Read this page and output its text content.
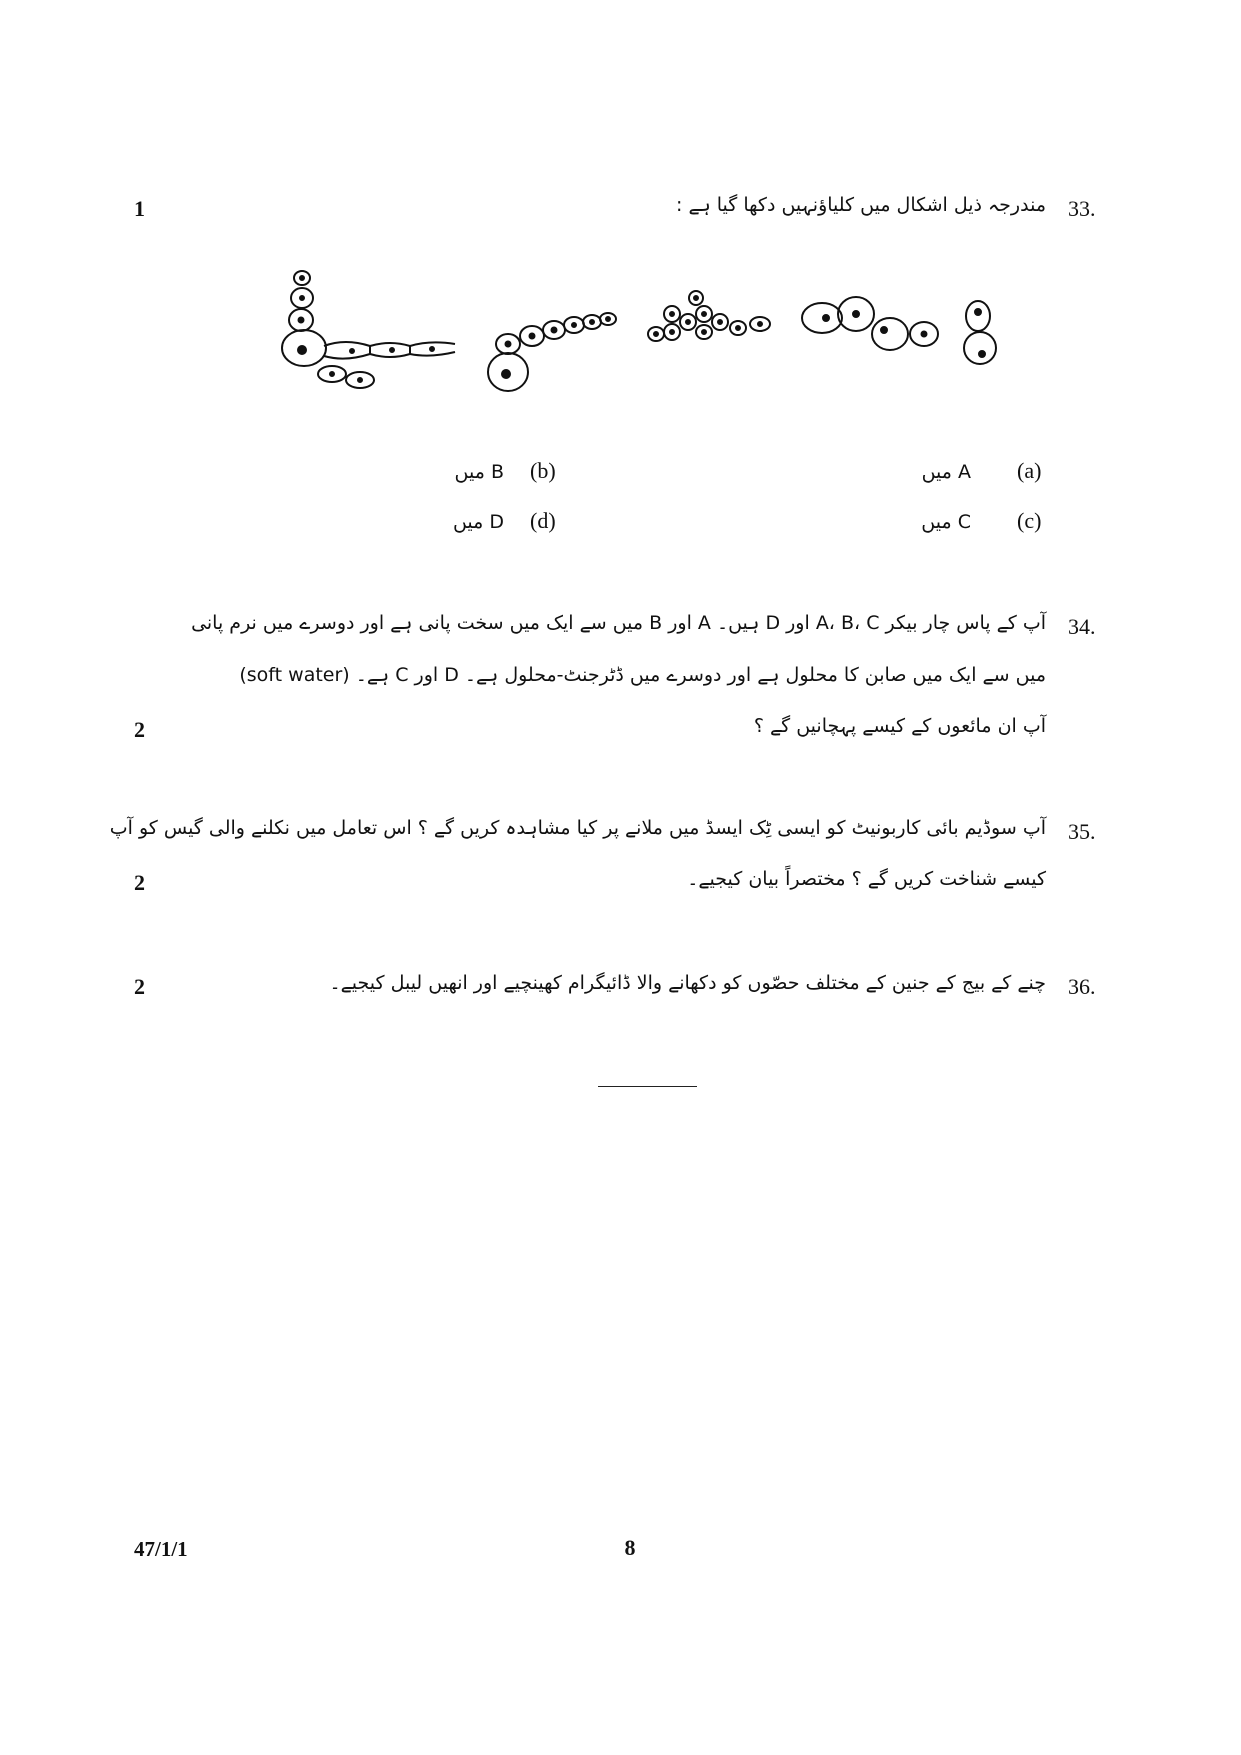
33.
مندرجہ ذیل اشکال میں کلیاؤنہیں دکھا گیا ہے :
1
A میں (a)
B میں (b)
C میں (c)
D میں (d)
34.
آپ کے پاس چار بیکر A، B، C اور D ہیں۔ A اور B میں سے ایک میں سخت پانی ہے اور دوسرے میں نرم پانی
(soft water) ہے۔ C اور D میں سے ایک میں صابن کا محلول ہے اور دوسرے میں ڈٹرجنٹ-محلول ہے۔
آپ ان مائعوں کے کیسے پہچانیں گے ؟
2
35.
آپ سوڈیم بائی کاربونیٹ کو ایسی ٹِک ایسڈ میں ملانے پر کیا مشاہدہ کریں گے ؟ اس تعامل میں نکلنے والی گیس کو آپ
کیسے شناخت کریں گے ؟ مختصراً بیان کیجیے۔
2
36.
چنے کے بیج کے جنین کے مختلف حصّوں کو دکھانے والا ڈائیگرام کھینچیے اور انھیں لیبل کیجیے۔
2
47/1/1	8
